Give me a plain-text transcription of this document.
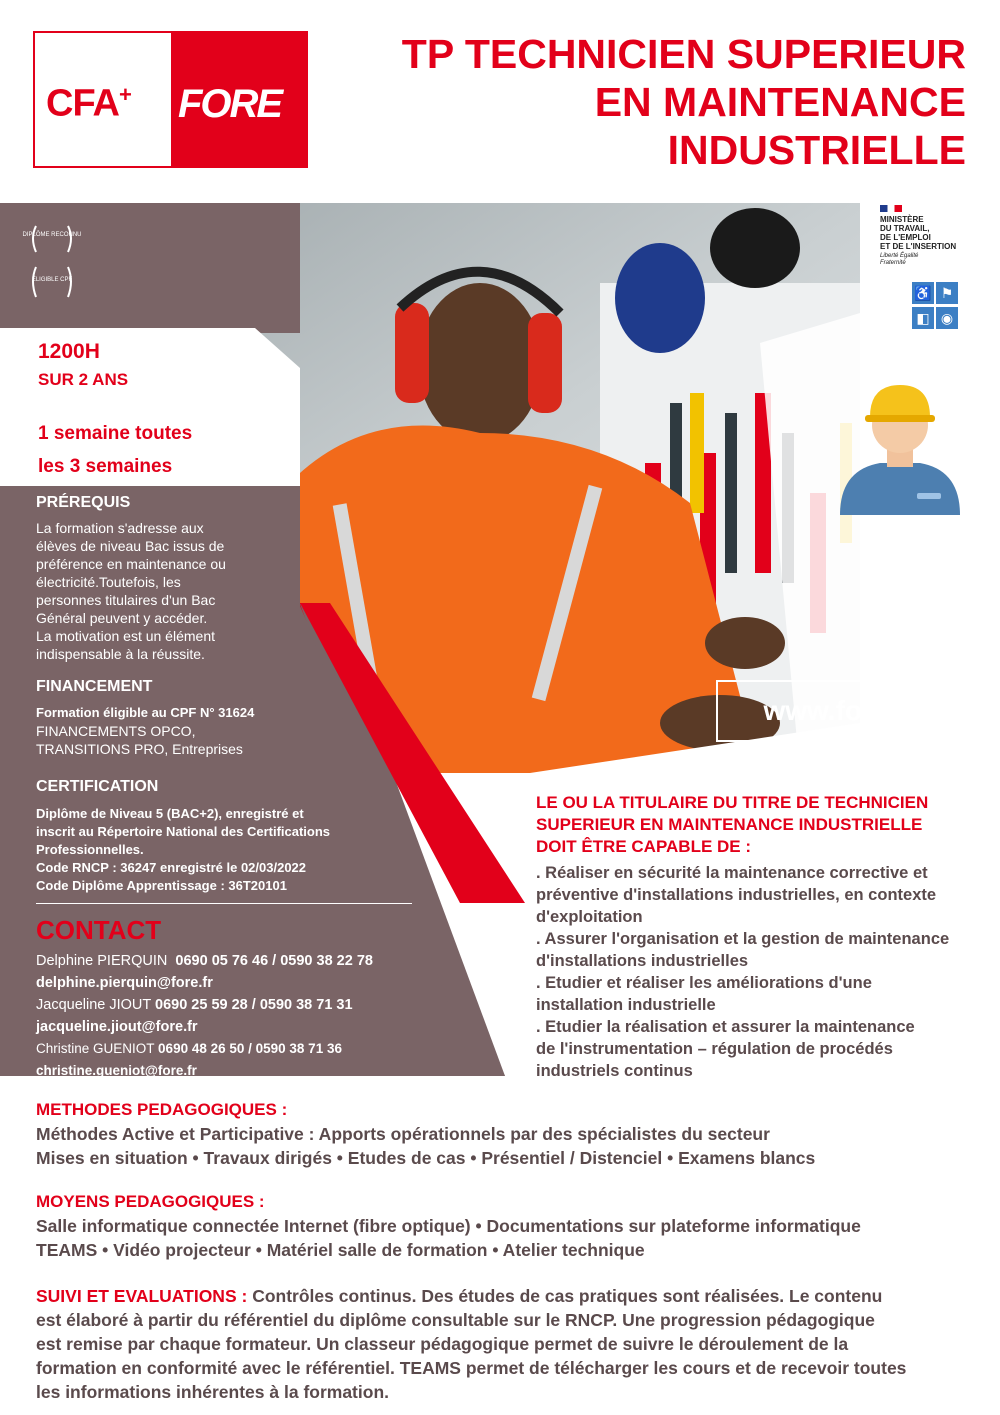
CFA+ FORE
TP TECHNICIEN SUPERIEUR
EN MAINTENANCE
INDUSTRIELLE
DIPLÔME RECONNU
ÉLIGIBLE CPF
1200H
SUR 2 ANS
1 semaine toutes
les 3 semaines
PRÉREQUIS
La formation s'adresse aux
élèves de niveau Bac issus de
préférence en maintenance ou
électricité.Toutefois, les
personnes titulaires d'un Bac
Général peuvent y accéder.
La motivation est un élément
indispensable à la réussite.
FINANCEMENT
Formation éligible au CPF N° 31624
FINANCEMENTS OPCO,
TRANSITIONS PRO, Entreprises
CERTIFICATION
Diplôme de Niveau 5 (BAC+2), enregistré et
inscrit au Répertoire National des Certifications
Professionnelles.
Code RNCP : 36247 enregistré le 02/03/2022
Code Diplôme Apprentissage : 36T20101
CONTACT
Delphine PIERQUIN 0690 05 76 46 / 0590 38 22 78
delphine.pierquin@fore.fr
Jacqueline JIOUT 0690 25 59 28 / 0590 38 71 31
jacqueline.jiout@fore.fr
Christine GUENIOT 0690 48 26 50 / 0590 38 71 36
christine.gueniot@fore.fr
MINISTÈRE
DU TRAVAIL,
DE L'EMPLOI
ET DE L'INSERTION
Liberté Égalité Fraternité
♿ ⚑◧ ◉
www.fore.fr
LE OU LA TITULAIRE DU TITRE DE TECHNICIEN
SUPERIEUR EN MAINTENANCE INDUSTRIELLE
DOIT ÊTRE CAPABLE DE :
. Réaliser en sécurité la maintenance corrective et
préventive d'installations industrielles, en contexte
d'exploitation
. Assurer l'organisation et la gestion de maintenance
d'installations industrielles
. Etudier et réaliser les améliorations d'une
installation industrielle
. Etudier la réalisation et assurer la maintenance
de l'instrumentation – régulation de procédés
industriels continus
METHODES PEDAGOGIQUES :
Méthodes Active et Participative : Apports opérationnels par des spécialistes du secteur
Mises en situation • Travaux dirigés • Etudes de cas • Présentiel / Distenciel • Examens blancs
MOYENS PEDAGOGIQUES :
Salle informatique connectée Internet (fibre optique) • Documentations sur plateforme informatique
TEAMS • Vidéo projecteur • Matériel salle de formation • Atelier technique
SUIVI ET EVALUATIONS : Contrôles continus. Des études de cas pratiques sont réalisées. Le contenu
est élaboré à partir du référentiel du diplôme consultable sur le RNCP. Une progression pédagogique
est remise par chaque formateur. Un classeur pédagogique permet de suivre le déroulement de la
formation en conformité avec le référentiel. TEAMS permet de télécharger les cours et de recevoir toutes
les informations inhérentes à la formation.
